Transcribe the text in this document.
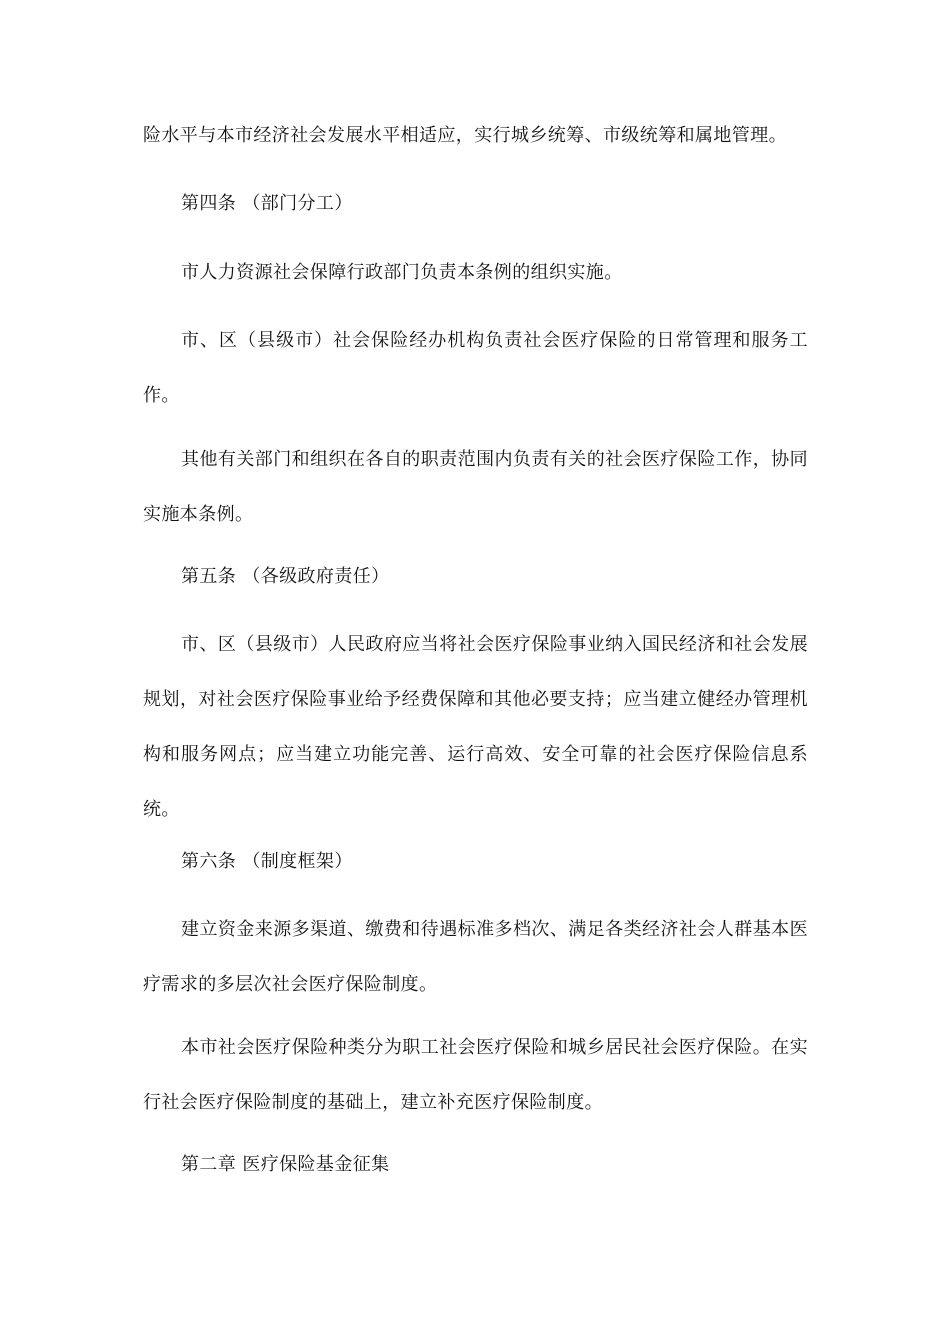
险水平与本市经济社会发展水平相适应，实行城乡统筹、市级统筹和属地管理。

第四条 （部门分工）

市人力资源社会保障行政部门负责本条例的组织实施。

市、区（县级市）社会保险经办机构负责社会医疗保险的日常管理和服务工作。

其他有关部门和组织在各自的职责范围内负责有关的社会医疗保险工作，协同实施本条例。

第五条 （各级政府责任）

市、区（县级市）人民政府应当将社会医疗保险事业纳入国民经济和社会发展规划，对社会医疗保险事业给予经费保障和其他必要支持；应当建立健经办管理机构和服务网点；应当建立功能完善、运行高效、安全可靠的社会医疗保险信息系统。

第六条 （制度框架）

建立资金来源多渠道、缴费和待遇标准多档次、满足各类经济社会人群基本医疗需求的多层次社会医疗保险制度。

本市社会医疗保险种类分为职工社会医疗保险和城乡居民社会医疗保险。在实行社会医疗保险制度的基础上，建立补充医疗保险制度。

第二章 医疗保险基金征集
